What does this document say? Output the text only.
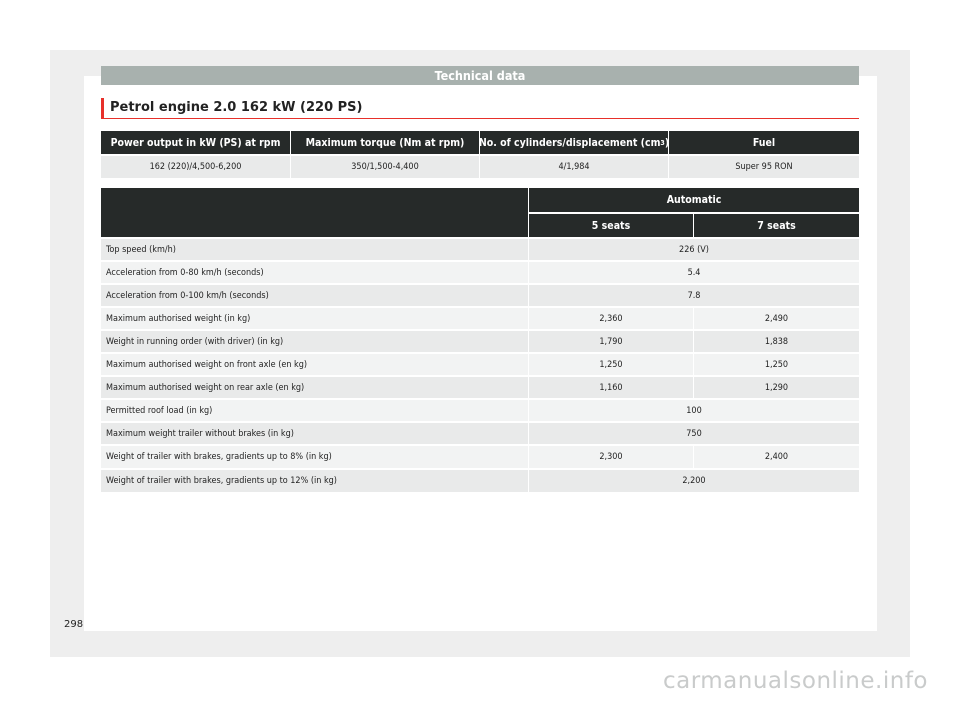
Technical data
Petrol engine 2.0 162 kW (220 PS)
Power output in kW (PS) at rpm	Maximum torque (Nm at rpm)	No. of cylinders/displacement (cm 3 )	Fuel
162 (220)/4,500-6,200	350/1,500-4,400	4/1,984	Super 95 RON
Automatic
5 seats	7 seats
Top speed (km/h)	226 (V)
Acceleration from 0-80 km/h (seconds)	5.4
Acceleration from 0-100 km/h (seconds)	7.8
Maximum authorised weight (in kg)	2,360	2,490
Weight in running order (with driver) (in kg)	1,790	1,838
Maximum authorised weight on front axle (en kg)	1,250	1,250
Maximum authorised weight on rear axle (en kg)	1,160	1,290
Permitted roof load (in kg)	100
Maximum weight trailer without brakes (in kg)	750
Weight of trailer with brakes, gradients up to 8% (in kg)	2,300	2,400
Weight of trailer with brakes, gradients up to 12% (in kg)	2,200
298
carmanualsonline.info
